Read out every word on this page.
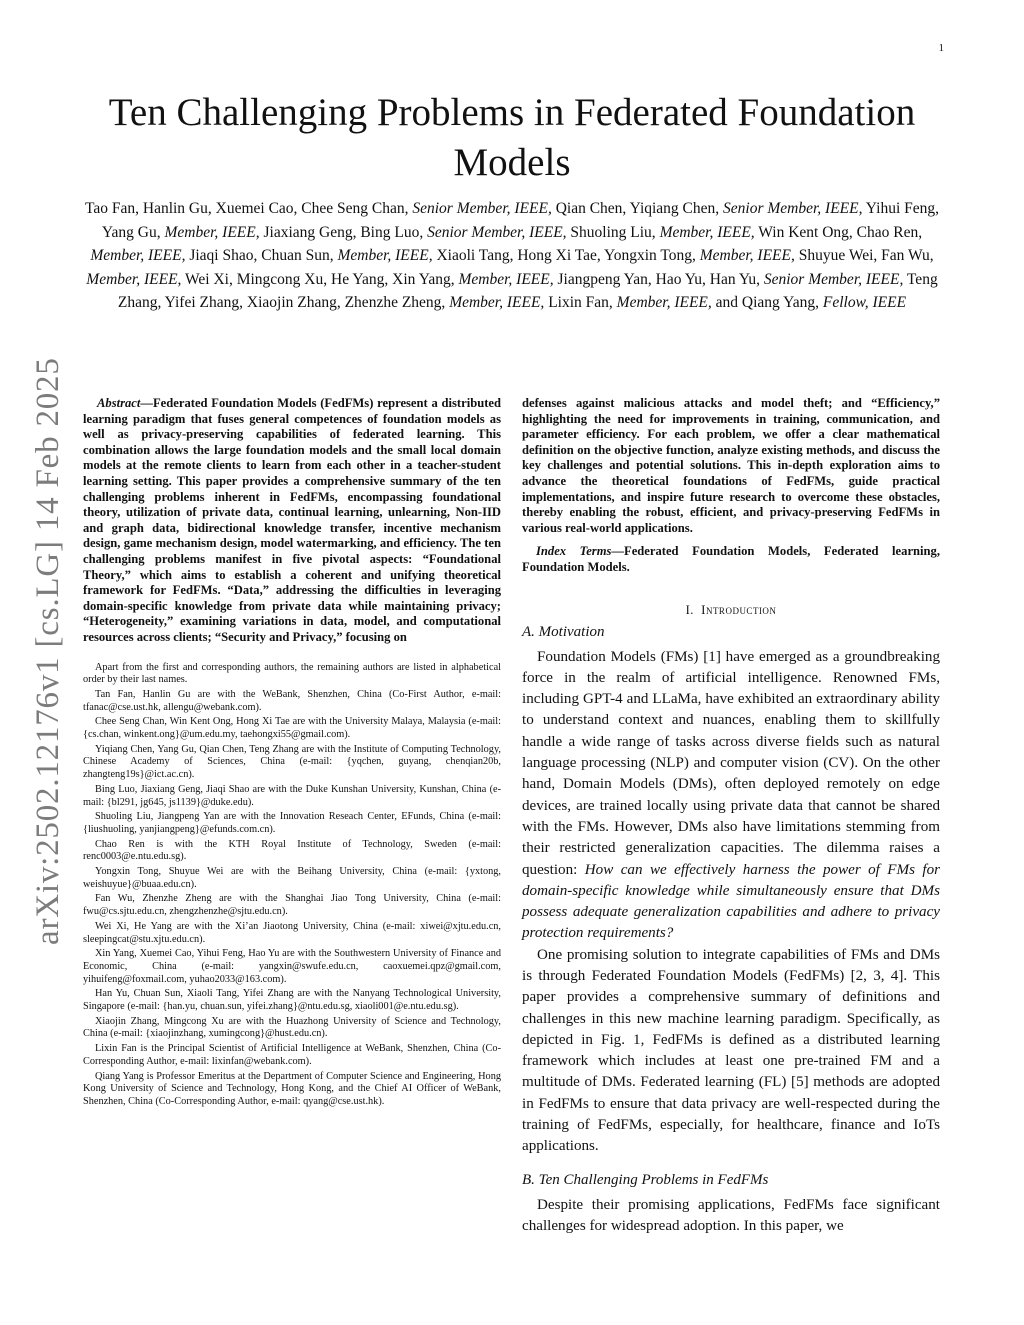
1
arXiv:2502.12176v1 [cs.LG] 14 Feb 2025
Ten Challenging Problems in Federated Foundation Models
Tao Fan, Hanlin Gu, Xuemei Cao, Chee Seng Chan, Senior Member, IEEE, Qian Chen, Yiqiang Chen, Senior Member, IEEE, Yihui Feng, Yang Gu, Member, IEEE, Jiaxiang Geng, Bing Luo, Senior Member, IEEE, Shuoling Liu, Member, IEEE, Win Kent Ong, Chao Ren, Member, IEEE, Jiaqi Shao, Chuan Sun, Member, IEEE, Xiaoli Tang, Hong Xi Tae, Yongxin Tong, Member, IEEE, Shuyue Wei, Fan Wu, Member, IEEE, Wei Xi, Mingcong Xu, He Yang, Xin Yang, Member, IEEE, Jiangpeng Yan, Hao Yu, Han Yu, Senior Member, IEEE, Teng Zhang, Yifei Zhang, Xiaojin Zhang, Zhenzhe Zheng, Member, IEEE, Lixin Fan, Member, IEEE, and Qiang Yang, Fellow, IEEE

Abstract—Federated Foundation Models (FedFMs) represent a distributed learning paradigm that fuses general competences of foundation models as well as privacy-preserving capabilities of federated learning. This combination allows the large foundation models and the small local domain models at the remote clients to learn from each other in a teacher-student learning setting. This paper provides a comprehensive summary of the ten challenging problems inherent in FedFMs, encompassing foundational theory, utilization of private data, continual learning, unlearning, Non-IID and graph data, bidirectional knowledge transfer, incentive mechanism design, game mechanism design, model watermarking, and efficiency. The ten challenging problems manifest in five pivotal aspects: “Foundational Theory,” which aims to establish a coherent and unifying theoretical framework for FedFMs. “Data,” addressing the difficulties in leveraging domain-specific knowledge from private data while maintaining privacy; “Heterogeneity,” examining variations in data, model, and computational resources across clients; “Security and Privacy,” focusing on

Apart from the first and corresponding authors, the remaining authors are listed in alphabetical order by their last names.

Tan Fan, Hanlin Gu are with the WeBank, Shenzhen, China (Co-First Author, e-mail: tfanac@cse.ust.hk, allengu@webank.com).

Chee Seng Chan, Win Kent Ong, Hong Xi Tae are with the University Malaya, Malaysia (e-mail: {cs.chan, winkent.ong}@um.edu.my, taehongxi55@gmail.com).

Yiqiang Chen, Yang Gu, Qian Chen, Teng Zhang are with the Institute of Computing Technology, Chinese Academy of Sciences, China (e-mail: {yqchen, guyang, chenqian20b, zhangteng19s}@ict.ac.cn).

Bing Luo, Jiaxiang Geng, Jiaqi Shao are with the Duke Kunshan University, Kunshan, China (e-mail: {bl291, jg645, js1139}@duke.edu).

Shuoling Liu, Jiangpeng Yan are with the Innovation Reseach Center, EFunds, China (e-mail: {liushuoling, yanjiangpeng}@efunds.com.cn).

Chao Ren is with the KTH Royal Institute of Technology, Sweden (e-mail: renc0003@e.ntu.edu.sg).

Yongxin Tong, Shuyue Wei are with the Beihang University, China (e-mail: {yxtong, weishuyue}@buaa.edu.cn).

Fan Wu, Zhenzhe Zheng are with the Shanghai Jiao Tong University, China (e-mail: fwu@cs.sjtu.edu.cn, zhengzhenzhe@sjtu.edu.cn).

Wei Xi, He Yang are with the Xi’an Jiaotong University, China (e-mail: xiwei@xjtu.edu.cn, sleepingcat@stu.xjtu.edu.cn).

Xin Yang, Xuemei Cao, Yihui Feng, Hao Yu are with the Southwestern University of Finance and Economic, China (e-mail: yangxin@swufe.edu.cn, caoxuemei.qpz@gmail.com, yihuifeng@foxmail.com, yuhao2033@163.com).

Han Yu, Chuan Sun, Xiaoli Tang, Yifei Zhang are with the Nanyang Technological University, Singapore (e-mail: {han.yu, chuan.sun, yifei.zhang}@ntu.edu.sg, xiaoli001@e.ntu.edu.sg).

Xiaojin Zhang, Mingcong Xu are with the Huazhong University of Science and Technology, China (e-mail: {xiaojinzhang, xumingcong}@hust.edu.cn).

Lixin Fan is the Principal Scientist of Artificial Intelligence at WeBank, Shenzhen, China (Co-Corresponding Author, e-mail: lixinfan@webank.com).

Qiang Yang is Professor Emeritus at the Department of Computer Science and Engineering, Hong Kong University of Science and Technology, Hong Kong, and the Chief AI Officer of WeBank, Shenzhen, China (Co-Corresponding Author, e-mail: qyang@cse.ust.hk).

defenses against malicious attacks and model theft; and “Efficiency,” highlighting the need for improvements in training, communication, and parameter efficiency. For each problem, we offer a clear mathematical definition on the objective function, analyze existing methods, and discuss the key challenges and potential solutions. This in-depth exploration aims to advance the theoretical foundations of FedFMs, guide practical implementations, and inspire future research to overcome these obstacles, thereby enabling the robust, efficient, and privacy-preserving FedFMs in various real-world applications.

Index Terms—Federated Foundation Models, Federated learning, Foundation Models.

I. Introduction
A. Motivation

Foundation Models (FMs) [1] have emerged as a groundbreaking force in the realm of artificial intelligence. Renowned FMs, including GPT-4 and LLaMa, have exhibited an extraordinary ability to understand context and nuances, enabling them to skillfully handle a wide range of tasks across diverse fields such as natural language processing (NLP) and computer vision (CV). On the other hand, Domain Models (DMs), often deployed remotely on edge devices, are trained locally using private data that cannot be shared with the FMs. However, DMs also have limitations stemming from their restricted generalization capacities. The dilemma raises a question: How can we effectively harness the power of FMs for domain-specific knowledge while simultaneously ensure that DMs possess adequate generalization capabilities and adhere to privacy protection requirements?

One promising solution to integrate capabilities of FMs and DMs is through Federated Foundation Models (FedFMs) [2, 3, 4]. This paper provides a comprehensive summary of definitions and challenges in this new machine learning paradigm. Specifically, as depicted in Fig. 1, FedFMs is defined as a distributed learning framework which includes at least one pre-trained FM and a multitude of DMs. Federated learning (FL) [5] methods are adopted in FedFMs to ensure that data privacy are well-respected during the training of FedFMs, especially, for healthcare, finance and IoTs applications.

B. Ten Challenging Problems in FedFMs

Despite their promising applications, FedFMs face significant challenges for widespread adoption. In this paper, we
